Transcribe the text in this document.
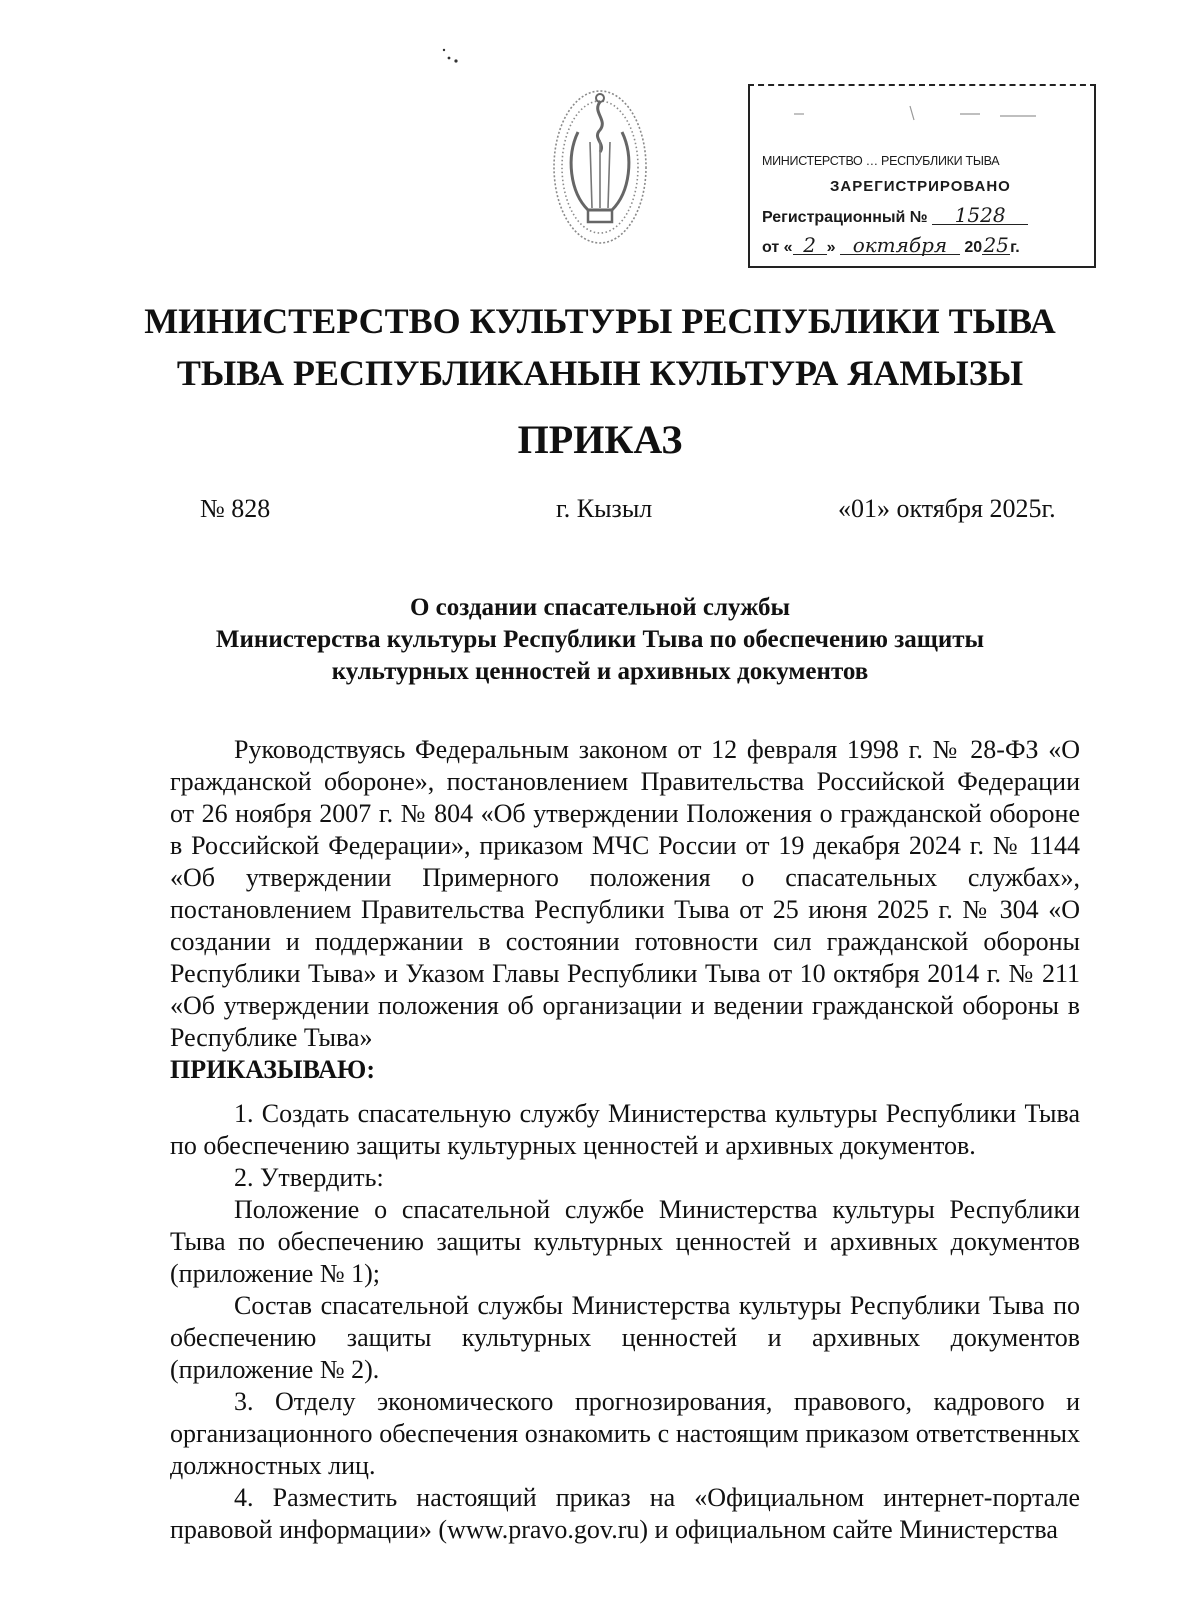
МИНИСТЕРСТВО … РЕСПУБЛИКИ ТЫВА
ЗАРЕГИСТРИРОВАНО
Регистрационный № 1528
от « 2 » октября 2025г.
МИНИСТЕРСТВО КУЛЬТУРЫ РЕСПУБЛИКИ ТЫВА
ТЫВА РЕСПУБЛИКАНЫН КУЛЬТУРА ЯАМЫЗЫ
ПРИКАЗ
№ 828	г. Кызыл	«01» октября 2025г.
О создании спасательной службы
Министерства культуры Республики Тыва по обеспечению защиты
культурных ценностей и архивных документов

Руководствуясь Федеральным законом от 12 февраля 1998 г. № 28-ФЗ «О гражданской обороне», постановлением Правительства Российской Федерации от 26 ноября 2007 г. № 804 «Об утверждении Положения о гражданской обороне в Российской Федерации», приказом МЧС России от 19 декабря 2024 г. № 1144 «Об утверждении Примерного положения о спасательных службах», постановлением Правительства Республики Тыва от 25 июня 2025 г. № 304 «О создании и поддержании в состоянии готовности сил гражданской обороны Республики Тыва» и Указом Главы Республики Тыва от 10 октября 2014 г. № 211 «Об утверждении положения об организации и ведении гражданской обороны в Республике Тыва»

ПРИКАЗЫВАЮ:

1. Создать спасательную службу Министерства культуры Республики Тыва по обеспечению защиты культурных ценностей и архивных документов.

2. Утвердить:

Положение о спасательной службе Министерства культуры Республики Тыва по обеспечению защиты культурных ценностей и архивных документов (приложение № 1);

Состав спасательной службы Министерства культуры Республики Тыва по обеспечению защиты культурных ценностей и архивных документов (приложение № 2).

3. Отделу экономического прогнозирования, правового, кадрового и организационного обеспечения ознакомить с настоящим приказом ответственных должностных лиц.

4. Разместить настоящий приказ на «Официальном интернет-портале правовой информации» (www.pravo.gov.ru) и официальном сайте Министерства
